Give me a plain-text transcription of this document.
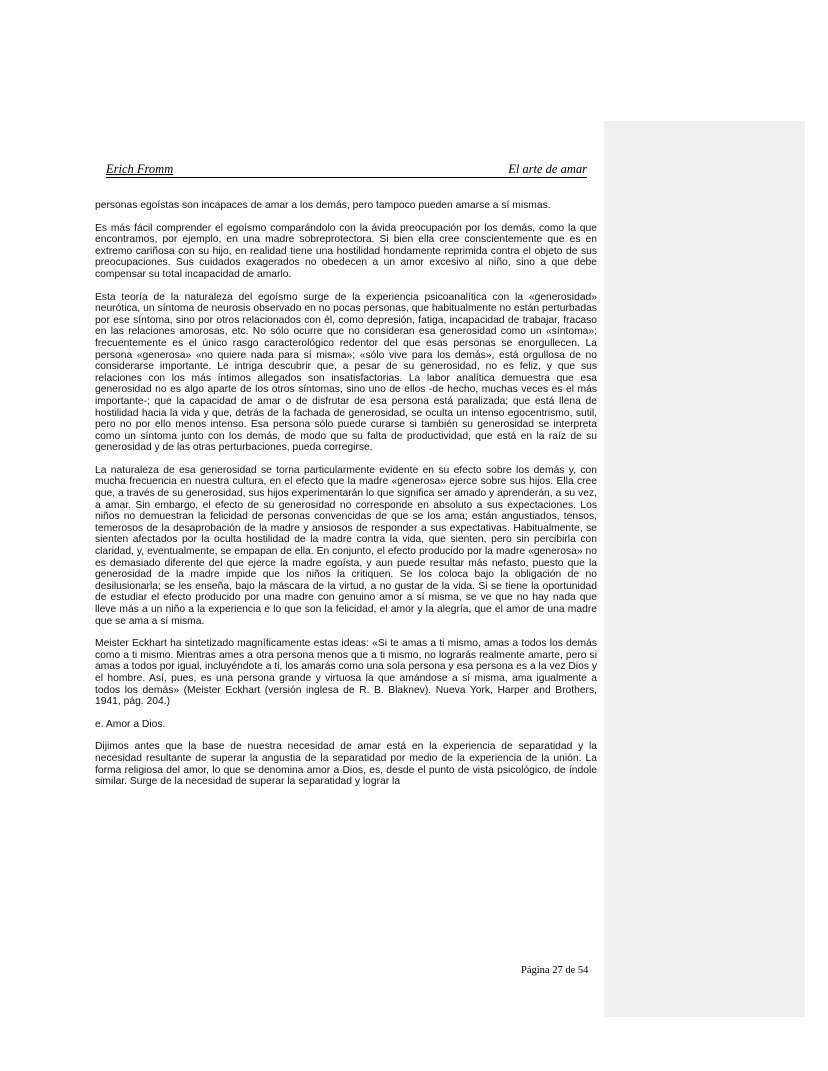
Erich Fromm	El arte de amar

personas egoístas son incapaces de amar a los demás, pero tampoco pueden amarse a sí mismas.

Es más fácil comprender el egoísmo comparándolo con la ávida preocupación por los demás, como la que encontramos, por ejemplo, en una madre sobreprotectora. Si bien ella cree conscientemente que es en extremo cariñosa con su hijo, en realidad tiene una hostilidad hondamente reprimida contra el objeto de sus preocupaciones. Sus cuidados exagerados no obedecen a un amor excesivo al niño, sino a que debe compensar su total incapacidad de amarlo.

Esta teoría de la naturaleza del egoísmo surge de la experiencia psicoanalítica con la «generosidad» neurótica, un síntoma de neurosis observado en no pocas personas, que habitualmente no están perturbadas por ese síntoma, sino por otros relacionados con él, como depresión, fatiga, incapacidad de trabajar, fracaso en las relaciones amorosas, etc. No sólo ocurre que no consideran esa generosidad como un «síntoma»; frecuentemente es el único rasgo caracterológico redentor del que esas personas se enorgullecen. La persona «generosa» «no quiere nada para sí misma»; «sólo vive para los demás», está orgullosa de no considerarse importante. Le intriga descubrir que, a pesar de su generosidad, no es feliz, y que sus relaciones con los más íntimos allegados son insatisfactorias. La labor analítica demuestra que esa generosidad no es algo aparte de los otros síntomas, sino uno de ellos -de hecho, muchas veces es el más importante-; que la capacidad de amar o de disfrutar de esa persona está paralizada; que está llena de hostilidad hacia la vida y que, detrás de la fachada de generosidad, se oculta un intenso egocentrismo, sutil, pero no por ello menos intenso. Esa persona sólo puede curarse si también su generosidad se interpreta como un síntoma junto con los demás, de modo que su falta de productividad, que está en la raíz de su generosidad y de las otras perturbaciones, pueda corregirse.

La naturaleza de esa generosidad se torna particularmente evidente en su efecto sobre los demás y, con mucha frecuencia en nuestra cultura, en el efecto que la madre «generosa» ejerce sobre sus hijos. Ella cree que, a través de su generosidad, sus hijos experimentarán lo que significa ser amado y aprenderán, a su vez, a amar. Sin embargo, el efecto de su generosidad no corresponde en absoluto a sus expectaciones. Los niños no demuestran la felicidad de personas convencidas de que se los ama; están angustiados, tensos, temerosos de la desaprobación de la madre y ansiosos de responder a sus expectativas. Habitualmente, se sienten afectados por la oculta hostilidad de la madre contra la vida, que sienten, pero sin percibirla con claridad, y, eventualmente, se empapan de ella. En conjunto, el efecto producido por la madre «generosa» no es demasiado diferente del que ejerce la madre egoísta, y aun puede resultar más nefasto, puesto que la generosidad de la madre impide que los niños la critiquen. Se los coloca bajo la obligación de no desilusionarla; se les enseña, bajo la máscara de la virtud, a no gustar de la vida. Si se tiene la oportunidad de estudiar el efecto producido por una madre con genuino amor a sí misma, se ve que no hay nada que lleve más a un niño a la experiencia e lo que son la felicidad, el amor y la alegría, que el amor de una madre que se ama a sí misma.

Meister Eckhart ha sintetizado magníficamente estas ideas: «Si te amas a ti mismo, amas a todos los demás como a ti mismo. Mientras ames a otra persona menos que a ti mismo, no lograrás realmente amarte, pero si amas a todos por igual, incluyéndote a ti, los amarás como una sola persona y esa persona es a la vez Dios y el hombre. Así, pues, es una persona grande y virtuosa la que amándose a sí misma, ama igualmente a todos los demás» (Meister Eckhart (versión inglesa de R. B. Blaknev). Nueva York, Harper and Brothers, 1941, pág. 204.)

e. Amor a Dios.

Dijimos antes que la base de nuestra necesidad de amar está en la experiencia de separatidad y la necesidad resultante de superar la angustia de la separatidad por medio de la experiencia de la unión. La forma religiosa del amor, lo que se denomina amor a Dios, es, desde el punto de vista psicológico, de índole similar. Surge de la necesidad de superar la separatidad y lograr la

Página 27 de 54
